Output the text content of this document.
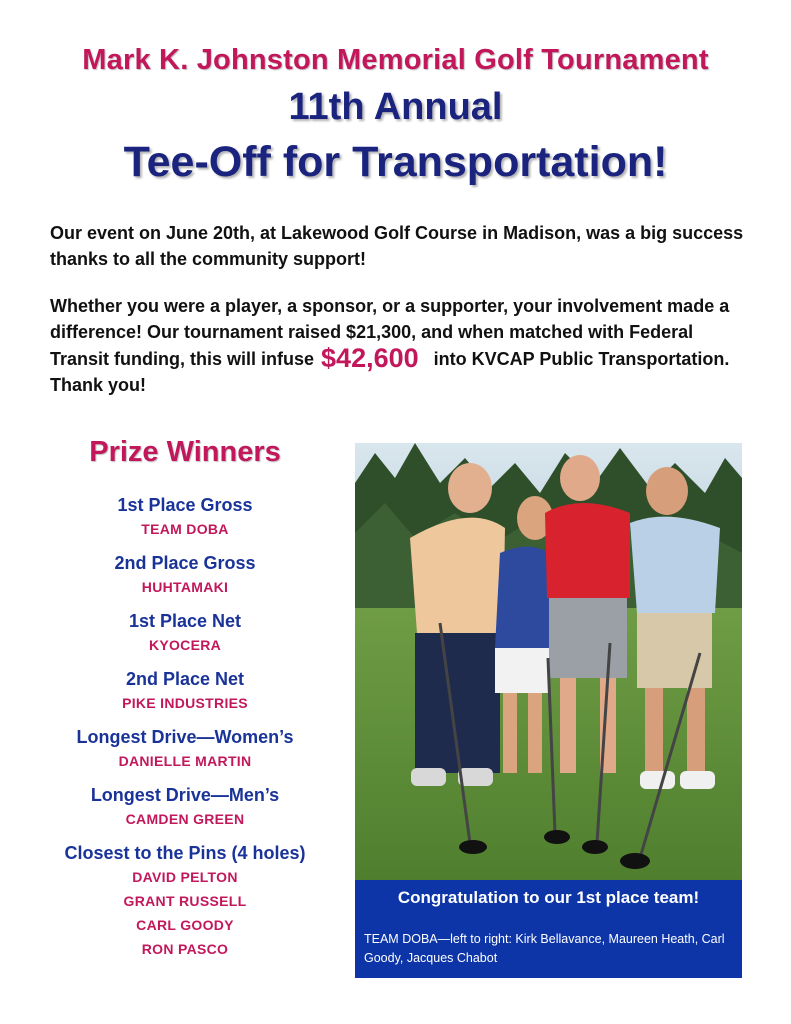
Mark K. Johnston Memorial Golf Tournament
11th Annual
Tee-Off for Transportation!
Our event on June 20th, at Lakewood Golf Course in Madison, was a big success thanks to all the community support!
Whether you were a player, a sponsor, or a supporter, your involvement made a difference! Our tournament raised $21,300, and when matched with Federal Transit funding, this will infuse $42,600 into KVCAP Public Transportation. Thank you!
Prize Winners
1st Place Gross
TEAM DOBA
2nd Place Gross
HUHTAMAKI
1st Place Net
KYOCERA
2nd Place Net
PIKE INDUSTRIES
Longest Drive—Women’s
DANIELLE MARTIN
Longest Drive—Men’s
CAMDEN GREEN
Closest to the Pins (4 holes)
DAVID PELTON
GRANT RUSSELL
CARL GOODY
RON PASCO
Congratulation to our 1st place team!
TEAM DOBA—left to right: Kirk Bellavance, Maureen Heath, Carl Goody, Jacques Chabot
